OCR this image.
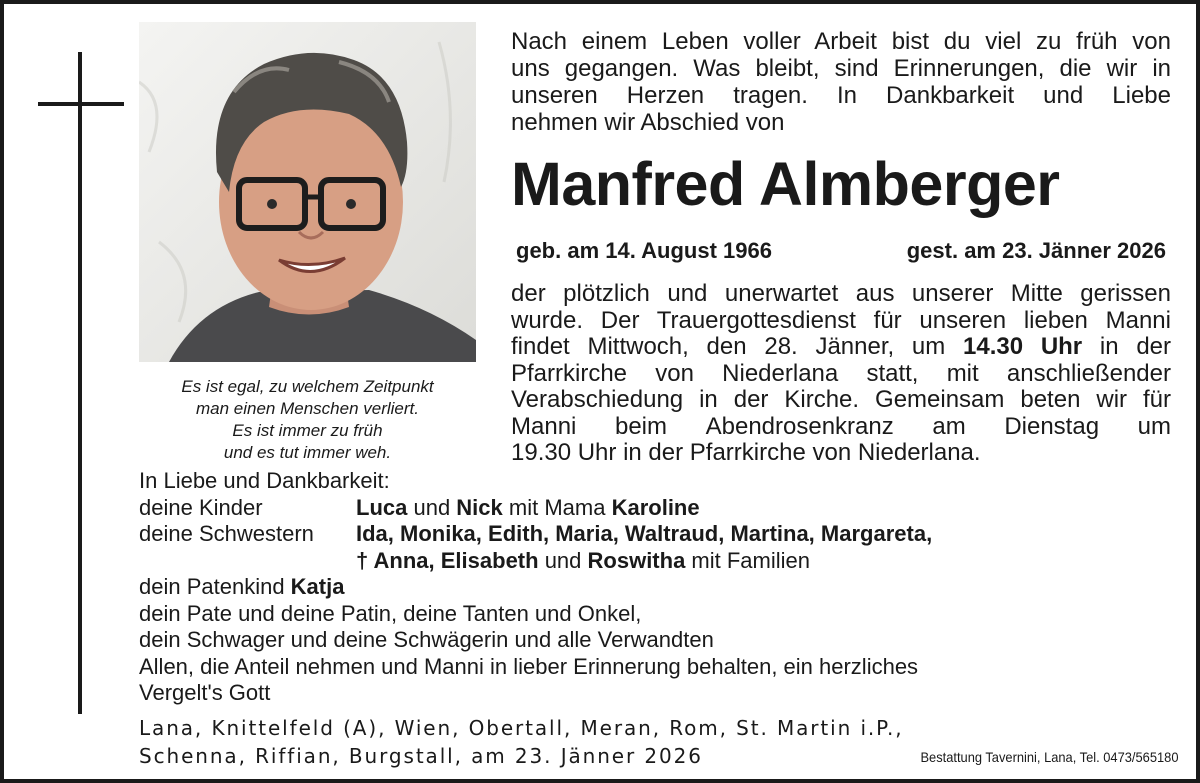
Es ist egal, zu welchem Zeitpunkt
man einen Menschen verliert.
Es ist immer zu früh
und es tut immer weh.
Nach einem Leben voller Arbeit bist du viel zu früh von
uns gegangen. Was bleibt, sind Erinnerungen, die wir in
unseren Herzen tragen. In Dankbarkeit und Liebe
nehmen wir Abschied von
Manfred Almberger
geb. am 14. August 1966	gest. am 23. Jänner 2026
der plötzlich und unerwartet aus unserer Mitte gerissen
wurde. Der Trauergottesdienst für unseren lieben Manni
findet Mittwoch, den 28. Jänner, um 14.30 Uhr in der
Pfarrkirche von Niederlana statt, mit anschließender
Verabschiedung in der Kirche. Gemeinsam beten wir für
Manni beim Abendrosenkranz am Dienstag um
19.30 Uhr in der Pfarrkirche von Niederlana.
In Liebe und Dankbarkeit:
deine Kinder	Luca und Nick mit Mama Karoline
deine Schwestern	Ida, Monika, Edith, Maria, Waltraud, Martina, Margareta,
† Anna, Elisabeth und Roswitha mit Familien
dein Patenkind Katja
dein Pate und deine Patin, deine Tanten und Onkel,
dein Schwager und deine Schwägerin und alle Verwandten
Allen, die Anteil nehmen und Manni in lieber Erinnerung behalten, ein herzliches
Vergelt's Gott
Lana, Knittelfeld (A), Wien, Obertall, Meran, Rom, St. Martin i.P.,
Schenna, Riffian, Burgstall, am 23. Jänner 2026	Bestattung Tavernini, Lana, Tel. 0473/565180
